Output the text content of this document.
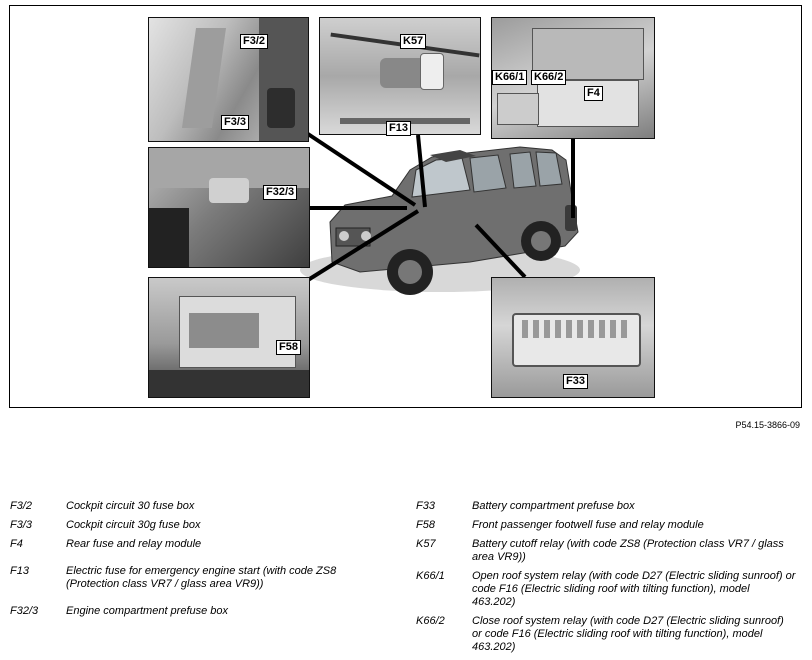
F3/2
F3/3
K57
F13
K66/1 K66/2
F4
F32/3
F58
F33
P54.15-3866-09
F3/2	Cockpit circuit 30 fuse box
F3/3	Cockpit circuit 30g fuse box
F4	Rear fuse and relay module
F13	Electric fuse for emergency engine start (with code ZS8 (Protection class VR7 / glass area VR9))
F32/3	Engine compartment prefuse box
F33	Battery compartment prefuse box
F58	Front passenger footwell fuse and relay module
K57	Battery cutoff relay (with code ZS8 (Protection class VR7 / glass area VR9))
K66/1	Open roof system relay (with code D27 (Electric sliding sunroof) or code F16 (Electric sliding roof with tilting function), model 463.202)
K66/2	Close roof system relay (with code D27 (Electric sliding sunroof) or code F16 (Electric sliding roof with tilting function), model 463.202)
